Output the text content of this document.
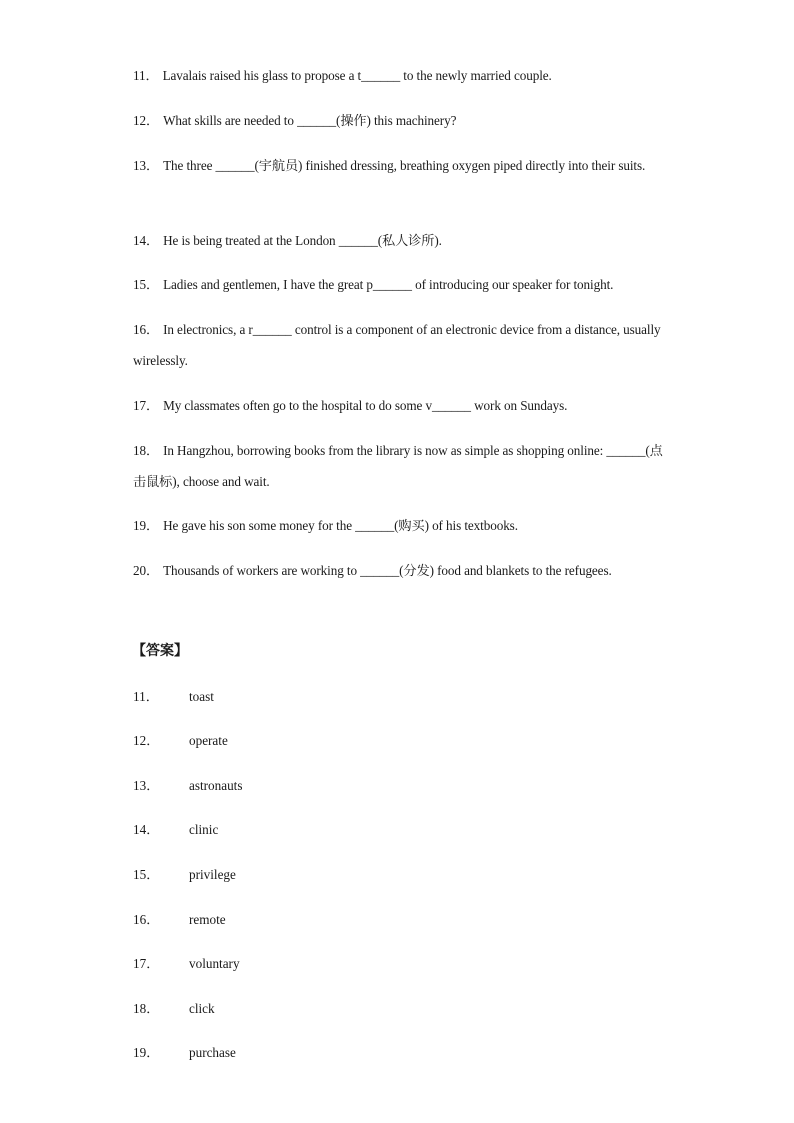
11． Lavalais raised his glass to propose a t______ to the newly married couple.
12． What skills are needed to ______(操作) this machinery?
13． The three ______(宇航员) finished dressing, breathing oxygen piped directly into their suits.
14． He is being treated at the London ______(私人诊所).
15． Ladies and gentlemen, I have the great p______ of introducing our speaker for tonight.
16． In electronics, a r______ control is a component of an electronic device from a distance, usually wirelessly.
17． My classmates often go to the hospital to do some v______ work on Sundays.
18． In Hangzhou, borrowing books from the library is now as simple as shopping online: ______(点击鼠标), choose and wait.
19． He gave his son some money for the ______(购买) of his textbooks.
20． Thousands of workers are working to ______(分发) food and blankets to the refugees.
【答案】
11． toast
12． operate
13． astronauts
14． clinic
15． privilege
16． remote
17． voluntary
18． click
19． purchase
